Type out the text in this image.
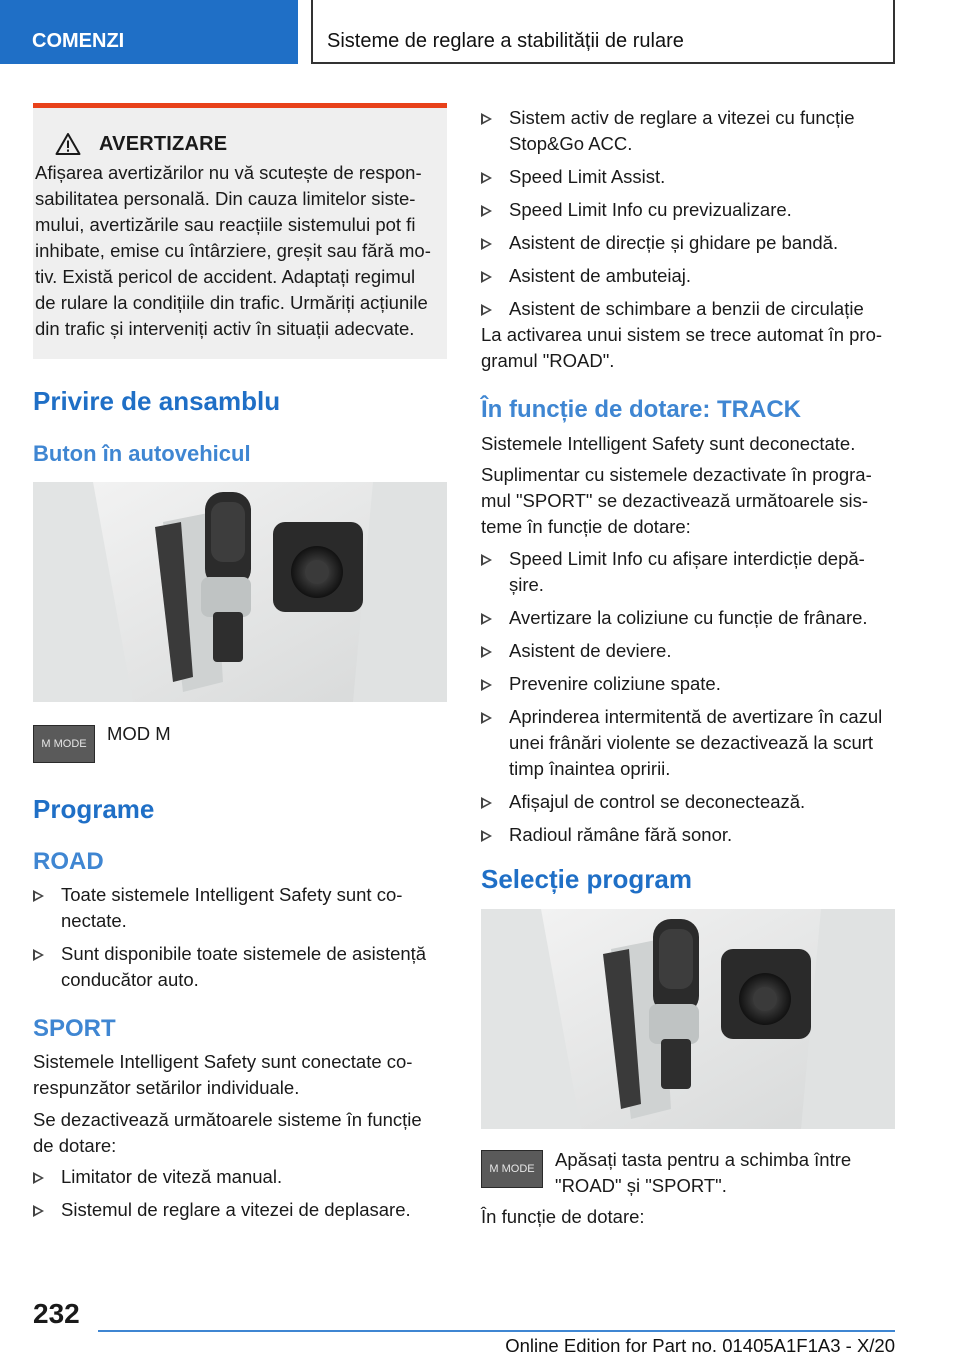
COMENZI	Sisteme de reglare a stabilității de rulare
AVERTIZARE

Afișarea avertizărilor nu vă scutește de respon-sabilitatea personală. Din cauza limitelor siste-mului, avertizările sau reacțiile sistemului pot fi inhibate, emise cu întârziere, greșit sau fără mo-tiv. Există pericol de accident. Adaptați regimul de rulare la condițiile din trafic. Urmăriți acțiunile din trafic și interveniți activ în situații adecvate.

Privire de ansamblu
Buton în autovehicul
M MODE	MOD M

Programe
ROAD
Toate sistemele Intelligent Safety sunt co-nectate.
Sunt disponibile toate sistemele de asistență conducător auto.
SPORT

Sistemele Intelligent Safety sunt conectate co-respunzător setărilor individuale.

Se dezactivează următoarele sisteme în funcție de dotare:

Limitator de viteză manual.
Sistemul de reglare a vitezei de deplasare.
Sistem activ de reglare a vitezei cu funcție Stop&Go ACC.
Speed Limit Assist.
Speed Limit Info cu previzualizare.
Asistent de direcție și ghidare pe bandă.
Asistent de ambuteiaj.
Asistent de schimbare a benzii de circulație

La activarea unui sistem se trece automat în pro-gramul "ROAD".

În funcție de dotare: TRACK

Sistemele Intelligent Safety sunt deconectate.

Suplimentar cu sistemele dezactivate în progra-mul "SPORT" se dezactivează următoarele sis-teme în funcție de dotare:

Speed Limit Info cu afișare interdicție depă-șire.
Avertizare la coliziune cu funcție de frânare.
Asistent de deviere.
Prevenire coliziune spate.
Aprinderea intermitentă de avertizare în cazul unei frânări violente se dezactivează la scurt timp înaintea opririi.
Afișajul de control se deconectează.
Radioul rămâne fără sonor.
Selecție program
M MODE	Apăsați tasta pentru a schimba între "ROAD" și "SPORT".

În funcție de dotare:

232
Online Edition for Part no. 01405A1F1A3 - X/20
